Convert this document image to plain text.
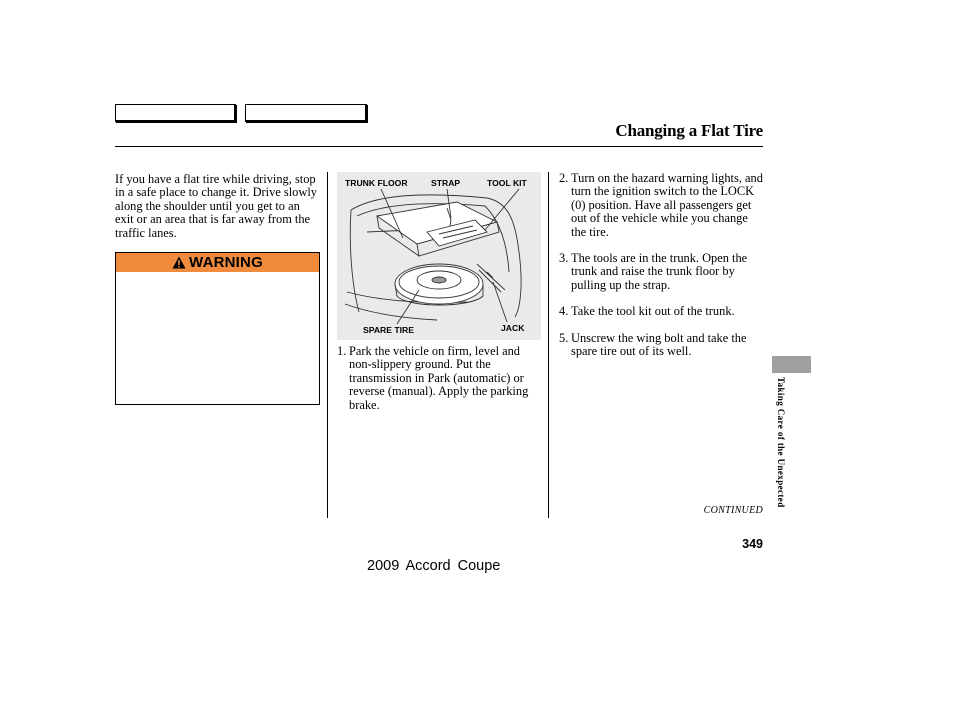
Changing a Flat Tire
If you have a flat tire while driving, stop in a safe place to change it. Drive slowly along the shoulder until you get to an exit or an area that is far away from the traffic lanes.
WARNING
TRUNK FLOOR	STRAP	TOOL KIT
SPARE TIRE	JACK
1. Park the vehicle on firm, level and non-slippery ground. Put the transmission in Park (automatic) or reverse (manual). Apply the parking brake.
2. Turn on the hazard warning lights, and turn the ignition switch to the LOCK (0) position. Have all passengers get out of the vehicle while you change the tire.
3. The tools are in the trunk. Open the trunk and raise the trunk floor by pulling up the strap.
4. Take the tool kit out of the trunk.
5. Unscrew the wing bolt and take the spare tire out of its well.
Taking Care of the Unexpected
CONTINUED
349
2009 Accord Coupe
